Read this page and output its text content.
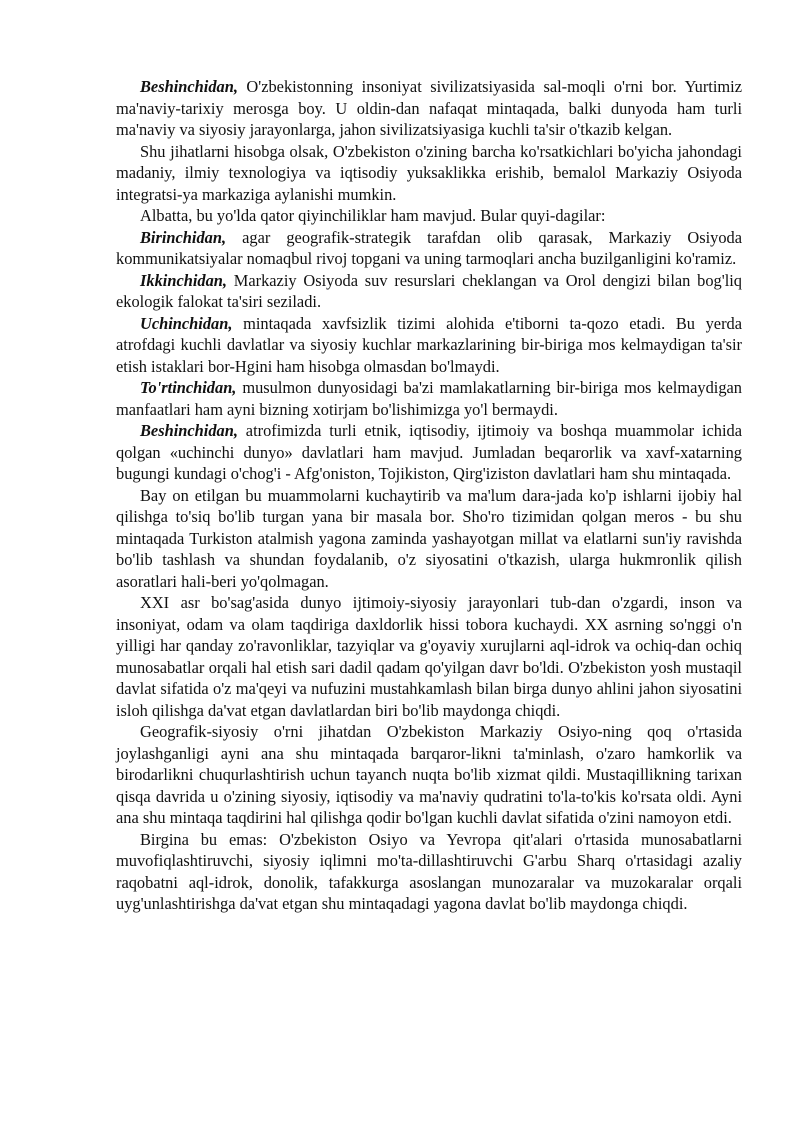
Beshinchidan, O'zbekistonning insoniyat sivilizatsiyasida sal-moqli o'rni bor. Yurtimiz ma'naviy-tarixiy merosga boy. U oldin-dan nafaqat mintaqada, balki dunyoda ham turli ma'naviy va siyosiy jarayonlarga, jahon sivilizatsiyasiga kuchli ta'sir o'tkazib kelgan.

Shu jihatlarni hisobga olsak, O'zbekiston o'zining barcha ko'rsatkichlari bo'yicha jahondagi madaniy, ilmiy texnologiya va iqtisodiy yuksaklikka erishib, bemalol Markaziy Osiyoda integratsi-ya markaziga aylanishi mumkin.

Albatta, bu yo'lda qator qiyinchiliklar ham mavjud. Bular quyi-dagilar:

Birinchidan, agar geografik-strategik tarafdan olib qarasak, Markaziy Osiyoda kommunikatsiyalar nomaqbul rivoj topgani va uning tarmoqlari ancha buzilganligini ko'ramiz.

Ikkinchidan, Markaziy Osiyoda suv resurslari cheklangan va Orol dengizi bilan bog'liq ekologik falokat ta'siri seziladi.

Uchinchidan, mintaqada xavfsizlik tizimi alohida e'tiborni ta-qozo etadi. Bu yerda atrofdagi kuchli davlatlar va siyosiy kuchlar markazlarining bir-biriga mos kelmaydigan ta'sir etish istaklari bor-Hgini ham hisobga olmasdan bo'lmaydi.

To'rtinchidan, musulmon dunyosidagi ba'zi mamlakatlarning bir-biriga mos kelmaydigan manfaatlari ham ayni bizning xotirjam bo'lishimizga yo'l bermaydi.

Beshinchidan, atrofimizda turli etnik, iqtisodiy, ijtimoiy va boshqa muammolar ichida qolgan «uchinchi dunyo» davlatlari ham mavjud. Jumladan beqarorlik va xavf-xatarning bugungi kundagi o'chog'i - Afg'oniston, Tojikiston, Qirg'iziston davlatlari ham shu mintaqada.

Bay on etilgan bu muammolarni kuchaytirib va ma'lum dara-jada ko'p ishlarni ijobiy hal qilishga to'siq bo'lib turgan yana bir masala bor. Sho'ro tizimidan qolgan meros - bu shu mintaqada Turkiston atalmish yagona zaminda yashayotgan millat va elatlarni sun'iy ravishda bo'lib tashlash va shundan foydalanib, o'z siyosatini o'tkazish, ularga hukmronlik qilish asoratlari hali-beri yo'qolmagan.

XXI asr bo'sag'asida dunyo ijtimoiy-siyosiy jarayonlari tub-dan o'zgardi, inson va insoniyat, odam va olam taqdiriga daxldorlik hissi tobora kuchaydi. XX asrning so'nggi o'n yilligi har qanday zo'ravonliklar, tazyiqlar va g'oyaviy xurujlarni aql-idrok va ochiq-dan ochiq munosabatlar orqali hal etish sari dadil qadam qo'yilgan davr bo'ldi. O'zbekiston yosh mustaqil davlat sifatida o'z ma'qeyi va nufuzini mustahkamlash bilan birga dunyo ahlini jahon siyosatini isloh qilishga da'vat etgan davlatlardan biri bo'lib maydonga chiqdi.

Geografik-siyosiy o'rni jihatdan O'zbekiston Markaziy Osiyo-ning qoq o'rtasida joylashganligi ayni ana shu mintaqada barqaror-likni ta'minlash, o'zaro hamkorlik va birodarlikni chuqurlashtirish uchun tayanch nuqta bo'lib xizmat qildi. Mustaqillikning tarixan qisqa davrida u o'zining siyosiy, iqtisodiy va ma'naviy qudratini to'la-to'kis ko'rsata oldi. Ayni ana shu mintaqa taqdirini hal qilishga qodir bo'lgan kuchli davlat sifatida o'zini namoyon etdi.

Birgina bu emas: O'zbekiston Osiyo va Yevropa qit'alari o'rtasida munosabatlarni muvofiqlashtiruvchi, siyosiy iqlimni mo'ta-dillashtiruvchi G'arbu Sharq o'rtasidagi azaliy raqobatni aql-idrok, donolik, tafakkurga asoslangan munozaralar va muzokaralar orqali uyg'unlashtirishga da'vat etgan shu mintaqadagi yagona davlat bo'lib maydonga chiqdi.
